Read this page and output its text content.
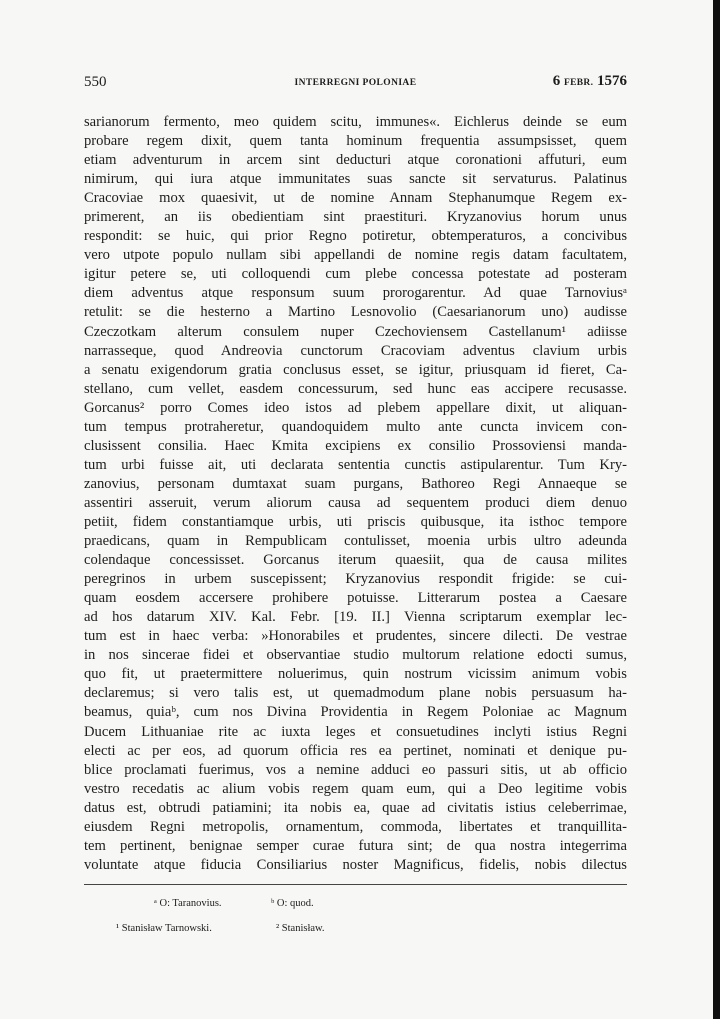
550	INTERREGNI POLONIAE	6 FEBR. 1576
sarianorum fermento, meo quidem scitu, immunes«. Eichlerus deinde se eum
probare regem dixit, quem tanta hominum frequentia assumpsisset, quem
etiam adventurum in arcem sint deducturi atque coronationi affuturi, eum
nimirum, qui iura atque immunitates suas sancte sit servaturus. Palatinus
Cracoviae mox quaesivit, ut de nomine Annam Stephanumque Regem ex-
primerent, an iis obedientiam sint praestituri. Kryzanovius horum unus
respondit: se huic, qui prior Regno potiretur, obtemperaturos, a concivibus
vero utpote populo nullam sibi appellandi de nomine regis datam facultatem,
igitur petere se, uti colloquendi cum plebe concessa potestate ad posteram
diem adventus atque responsum suum prorogarentur. Ad quae Tarnoviusᵃ
retulit: se die hesterno a Martino Lesnovolio (Caesarianorum uno) audisse
Czeczotkam alterum consulem nuper Czechoviensem Castellanum¹ adiisse
narrasseque, quod Andreovia cunctorum Cracoviam adventus clavium urbis
a senatu exigendorum gratia conclusus esset, se igitur, priusquam id fieret, Ca-
stellano, cum vellet, easdem concessurum, sed hunc eas accipere recusasse.
Gorcanus² porro Comes ideo istos ad plebem appellare dixit, ut aliquan-
tum tempus protraheretur, quandoquidem multo ante cuncta invicem con-
clusissent consilia. Haec Kmita excipiens ex consilio Prossoviensi manda-
tum urbi fuisse ait, uti declarata sententia cunctis astipularentur. Tum Kry-
zanovius, personam dumtaxat suam purgans, Bathoreo Regi Annaeque se
assentiri asseruit, verum aliorum causa ad sequentem produci diem denuo
petiit, fidem constantiamque urbis, uti priscis quibusque, ita isthoc tempore
praedicans, quam in Rempublicam contulisset, moenia urbis ultro adeunda
colendaque concessisset. Gorcanus iterum quaesiit, qua de causa milites
peregrinos in urbem suscepissent; Kryzanovius respondit frigide: se cui-
quam eosdem accersere prohibere potuisse. Litterarum postea a Caesare
ad hos datarum XIV. Kal. Febr. [19. II.] Vienna scriptarum exemplar lec-
tum est in haec verba: »Honorabiles et prudentes, sincere dilecti. De vestrae
in nos sincerae fidei et observantiae studio multorum relatione edocti sumus,
quo fit, ut praetermittere noluerimus, quin nostrum vicissim animum vobis
declaremus; si vero talis est, ut quemadmodum plane nobis persuasum ha-
beamus, quiaᵇ, cum nos Divina Providentia in Regem Poloniae ac Magnum
Ducem Lithuaniae rite ac iuxta leges et consuetudines inclyti istius Regni
electi ac per eos, ad quorum officia res ea pertinet, nominati et denique pu-
blice proclamati fuerimus, vos a nemine adduci eo passuri sitis, ut ab officio
vestro recedatis ac alium vobis regem quam eum, qui a Deo legitime vobis
datus est, obtrudi patiamini; ita nobis ea, quae ad civitatis istius celeberrimae,
eiusdem Regni metropolis, ornamentum, commoda, libertates et tranquillita-
tem pertinent, benignae semper curae futura sint; de qua nostra integerrima
voluntate atque fiducia Consiliarius noster Magnificus, fidelis, nobis dilectus
ᵃ O: Taranovius.	ᵇ O: quod.
¹ Stanisław Tarnowski.	² Stanisław.
